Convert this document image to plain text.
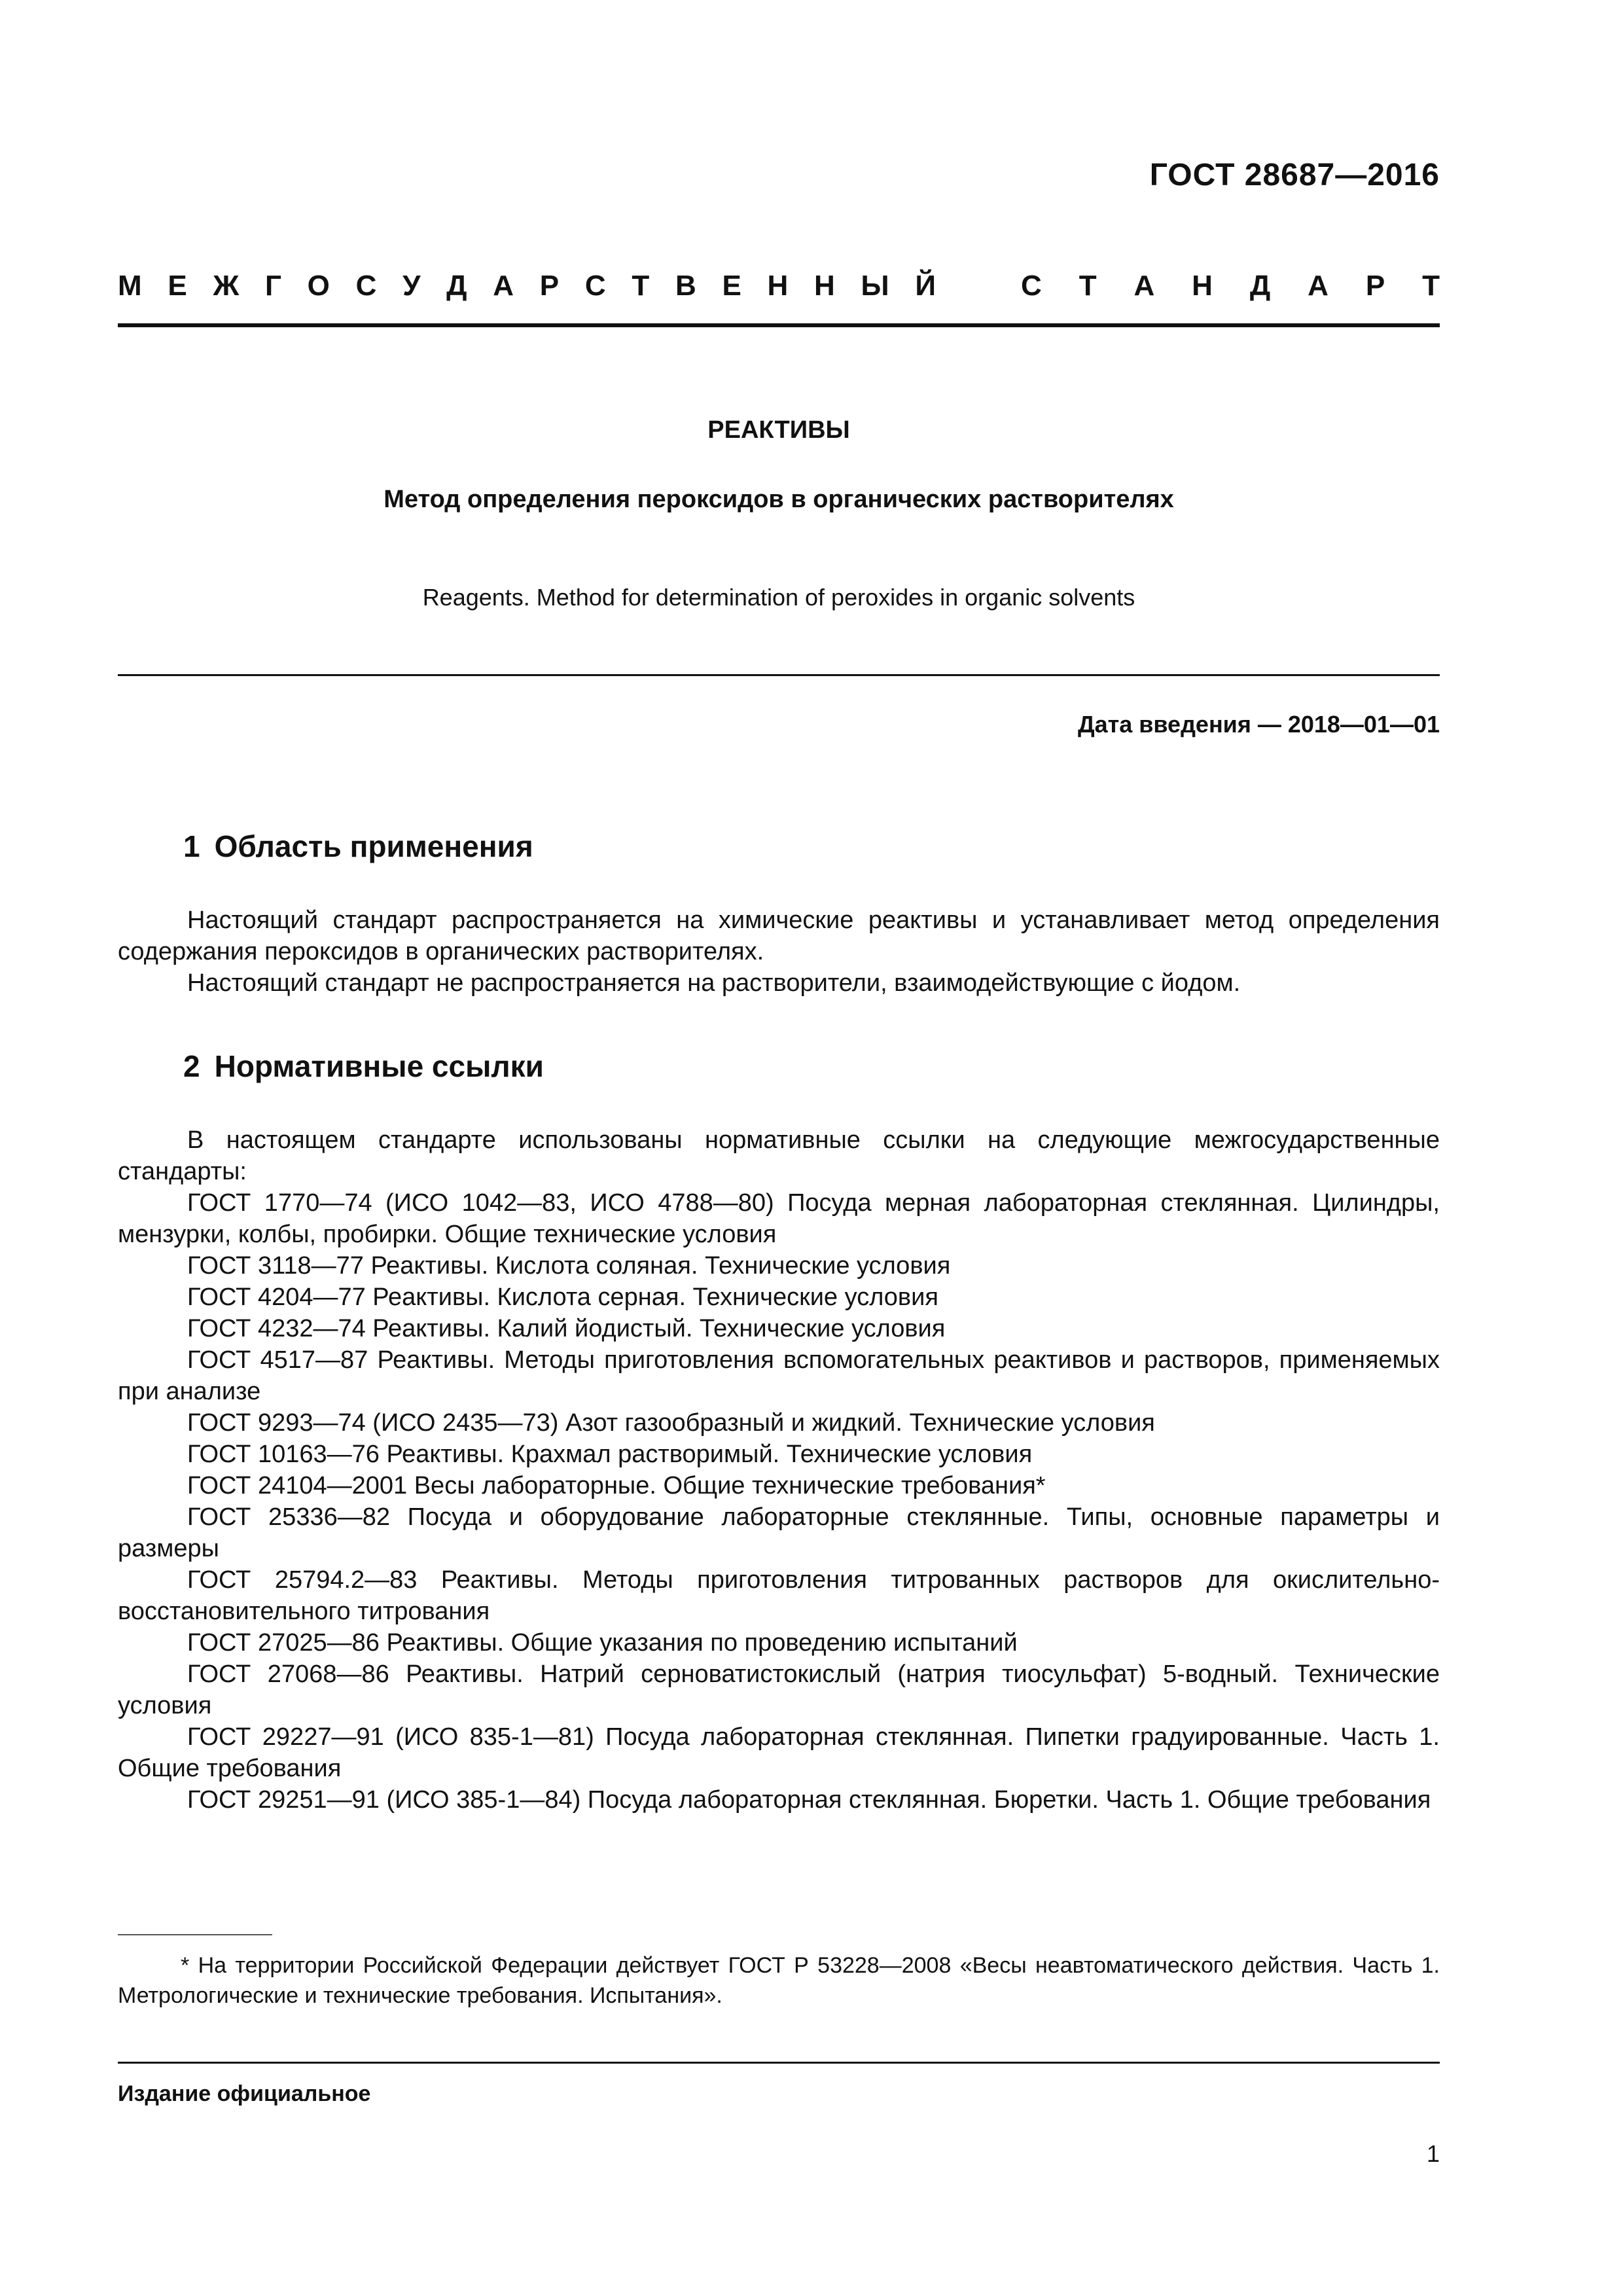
ГОСТ 28687—2016
М Е Ж Г О С У Д А Р С Т В Е Н Н Ы Й	С Т А Н Д А Р Т
РЕАКТИВЫ
Метод определения пероксидов в органических растворителях
Reagents. Method for determination of peroxides in organic solvents
Дата введения — 2018—01—01
1 Область применения

Настоящий стандарт распространяется на химические реактивы и устанавливает метод определения содержания пероксидов в органических растворителях.

Настоящий стандарт не распространяется на растворители, взаимодействующие с йодом.

2 Нормативные ссылки

В настоящем стандарте использованы нормативные ссылки на следующие межгосударственные стандарты:

ГОСТ 1770—74 (ИСО 1042—83, ИСО 4788—80) Посуда мерная лабораторная стеклянная. Цилиндры, мензурки, колбы, пробирки. Общие технические условия

ГОСТ 3118—77 Реактивы. Кислота соляная. Технические условия

ГОСТ 4204—77 Реактивы. Кислота серная. Технические условия

ГОСТ 4232—74 Реактивы. Калий йодистый. Технические условия

ГОСТ 4517—87 Реактивы. Методы приготовления вспомогательных реактивов и растворов, применяемых при анализе

ГОСТ 9293—74 (ИСО 2435—73) Азот газообразный и жидкий. Технические условия

ГОСТ 10163—76 Реактивы. Крахмал растворимый. Технические условия

ГОСТ 24104—2001 Весы лабораторные. Общие технические требования*

ГОСТ 25336—82 Посуда и оборудование лабораторные стеклянные. Типы, основные параметры и размеры

ГОСТ 25794.2—83 Реактивы. Методы приготовления титрованных растворов для окислительно-восстановительного титрования

ГОСТ 27025—86 Реактивы. Общие указания по проведению испытаний

ГОСТ 27068—86 Реактивы. Натрий серноватистокислый (натрия тиосульфат) 5-водный. Технические условия

ГОСТ 29227—91 (ИСО 835-1—81) Посуда лабораторная стеклянная. Пипетки градуированные. Часть 1. Общие требования

ГОСТ 29251—91 (ИСО 385-1—84) Посуда лабораторная стеклянная. Бюретки. Часть 1. Общие требования

* На территории Российской Федерации действует ГОСТ Р 53228—2008 «Весы неавтоматического действия. Часть 1. Метрологические и технические требования. Испытания».

Издание официальное
1
